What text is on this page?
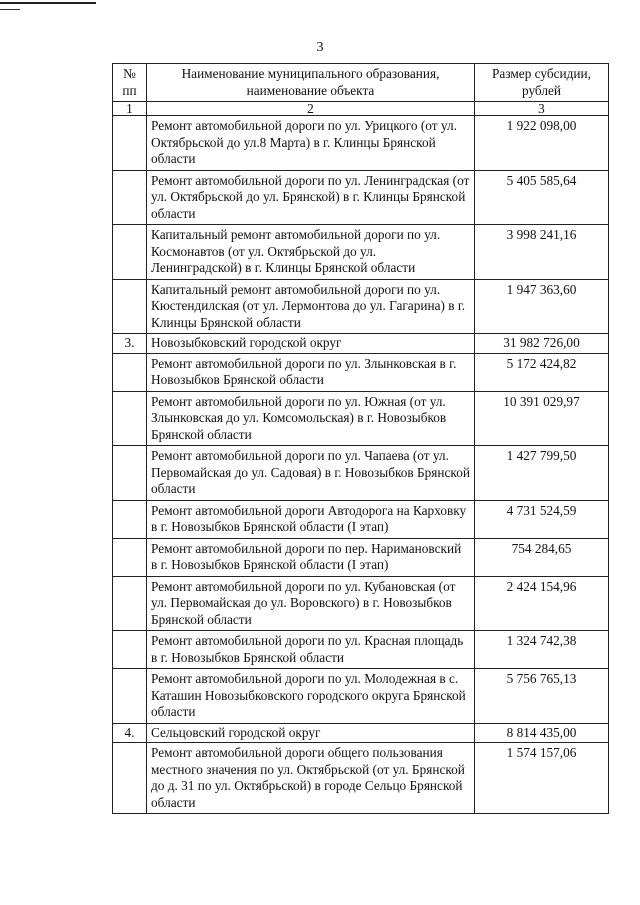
3
№ пп	Наименование муниципального образования, наименование объекта	Размер субсидии, рублей
1	2	3
	Ремонт автомобильной дороги по ул. Урицкого (от ул. Октябрьской до ул.8 Марта) в г. Клинцы Брянской области	1 922 098,00
	Ремонт автомобильной дороги по ул. Ленинградская (от ул. Октябрьской до ул. Брянской) в г. Клинцы Брянской области	5 405 585,64
	Капитальный ремонт автомобильной дороги по ул. Космонавтов (от ул. Октябрьской до ул. Ленинградской) в г. Клинцы Брянской области	3 998 241,16
	Капитальный ремонт автомобильной дороги по ул. Кюстендилская (от ул. Лермонтова до ул. Гагарина) в г. Клинцы Брянской области	1 947 363,60
3.	Новозыбковский городской округ	31 982 726,00
	Ремонт автомобильной дороги по ул. Злынковская в г. Новозыбков Брянской области	5 172 424,82
	Ремонт автомобильной дороги по ул. Южная (от ул. Злынковская до ул. Комсомольская) в г. Новозыбков Брянской области	10 391 029,97
	Ремонт автомобильной дороги по ул. Чапаева (от ул. Первомайская до ул. Садовая) в г. Новозыбков Брянской области	1 427 799,50
	Ремонт автомобильной дороги Автодорога на Карховку в г. Новозыбков Брянской области (I этап)	4 731 524,59
	Ремонт автомобильной дороги по пер. Наримановский в г. Новозыбков Брянской области (I этап)	754 284,65
	Ремонт автомобильной дороги по ул. Кубановская (от ул. Первомайская до ул. Воровского) в г. Новозыбков Брянской области	2 424 154,96
	Ремонт автомобильной дороги по ул. Красная площадь в г. Новозыбков Брянской области	1 324 742,38
	Ремонт автомобильной дороги по ул. Молодежная в с. Каташин Новозыбковского городского округа Брянской области	5 756 765,13
4.	Сельцовский городской округ	8 814 435,00
	Ремонт автомобильной дороги общего пользования местного значения по ул. Октябрьской (от ул. Брянской до д. 31 по ул. Октябрьской) в городе Сельцо Брянской области	1 574 157,06
